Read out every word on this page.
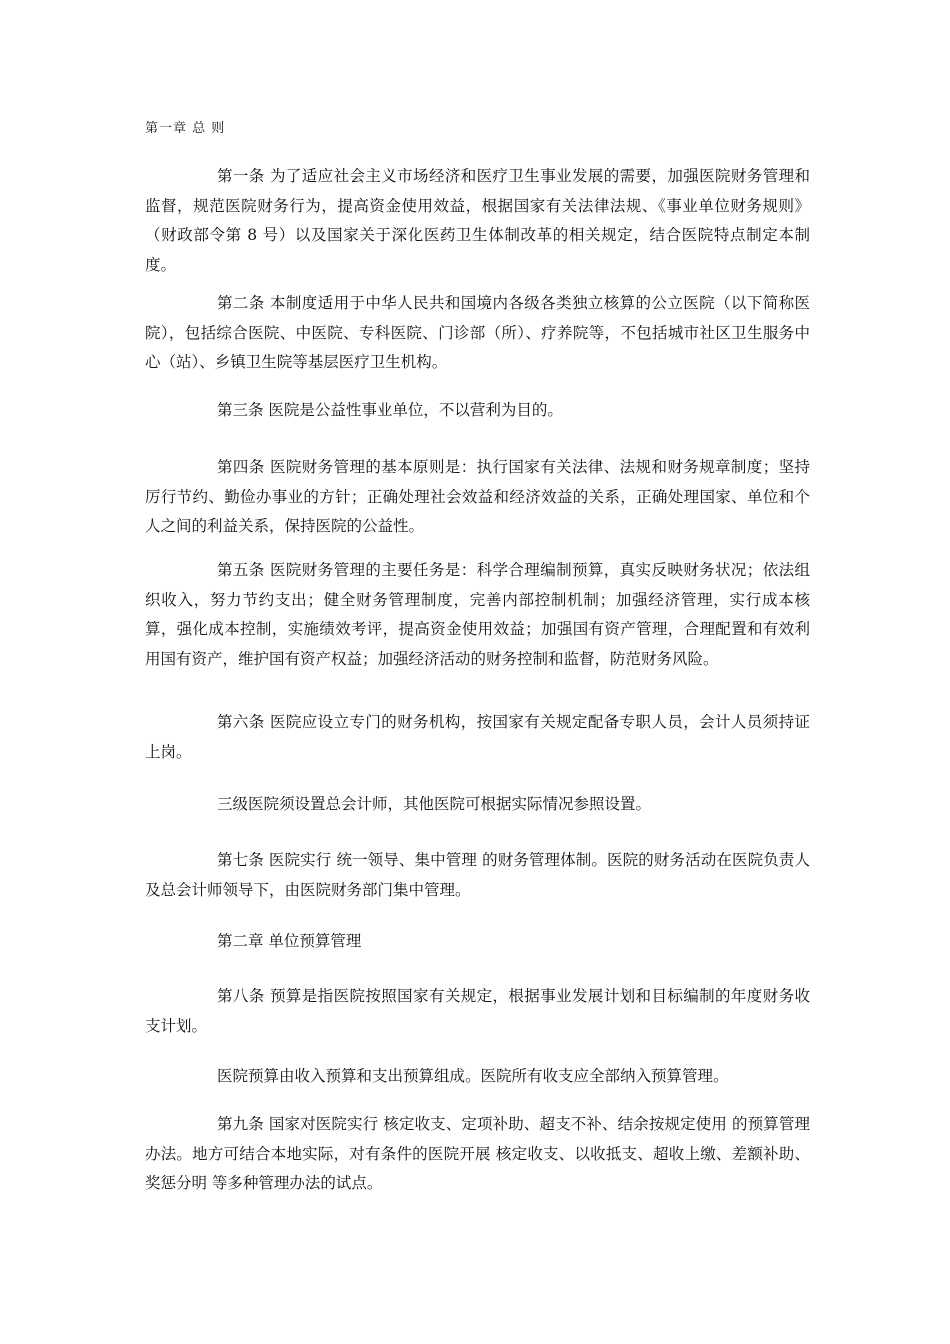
第一章 总 则

第一条 为了适应社会主义市场经济和医疗卫生事业发展的需要，加强医院财务管理和监督，规范医院财务行为，提高资金使用效益，根据国家有关法律法规、《事业单位财务规则》（财政部令第 8 号）以及国家关于深化医药卫生体制改革的相关规定，结合医院特点制定本制度。

第二条 本制度适用于中华人民共和国境内各级各类独立核算的公立医院（以下简称医院），包括综合医院、中医院、专科医院、门诊部（所）、疗养院等，不包括城市社区卫生服务中心（站）、乡镇卫生院等基层医疗卫生机构。

第三条 医院是公益性事业单位，不以营利为目的。

第四条 医院财务管理的基本原则是：执行国家有关法律、法规和财务规章制度；坚持厉行节约、勤俭办事业的方针；正确处理社会效益和经济效益的关系，正确处理国家、单位和个人之间的利益关系，保持医院的公益性。

第五条 医院财务管理的主要任务是：科学合理编制预算，真实反映财务状况；依法组织收入，努力节约支出；健全财务管理制度，完善内部控制机制；加强经济管理，实行成本核算，强化成本控制，实施绩效考评，提高资金使用效益；加强国有资产管理，合理配置和有效利用国有资产，维护国有资产权益；加强经济活动的财务控制和监督，防范财务风险。

第六条 医院应设立专门的财务机构，按国家有关规定配备专职人员，会计人员须持证上岗。

三级医院须设置总会计师，其他医院可根据实际情况参照设置。

第七条 医院实行 统一领导、集中管理 的财务管理体制。医院的财务活动在医院负责人及总会计师领导下，由医院财务部门集中管理。

第二章 单位预算管理

第八条 预算是指医院按照国家有关规定，根据事业发展计划和目标编制的年度财务收支计划。

医院预算由收入预算和支出预算组成。医院所有收支应全部纳入预算管理。

第九条 国家对医院实行 核定收支、定项补助、超支不补、结余按规定使用 的预算管理办法。地方可结合本地实际，对有条件的医院开展 核定收支、以收抵支、超收上缴、差额补助、奖惩分明 等多种管理办法的试点。
